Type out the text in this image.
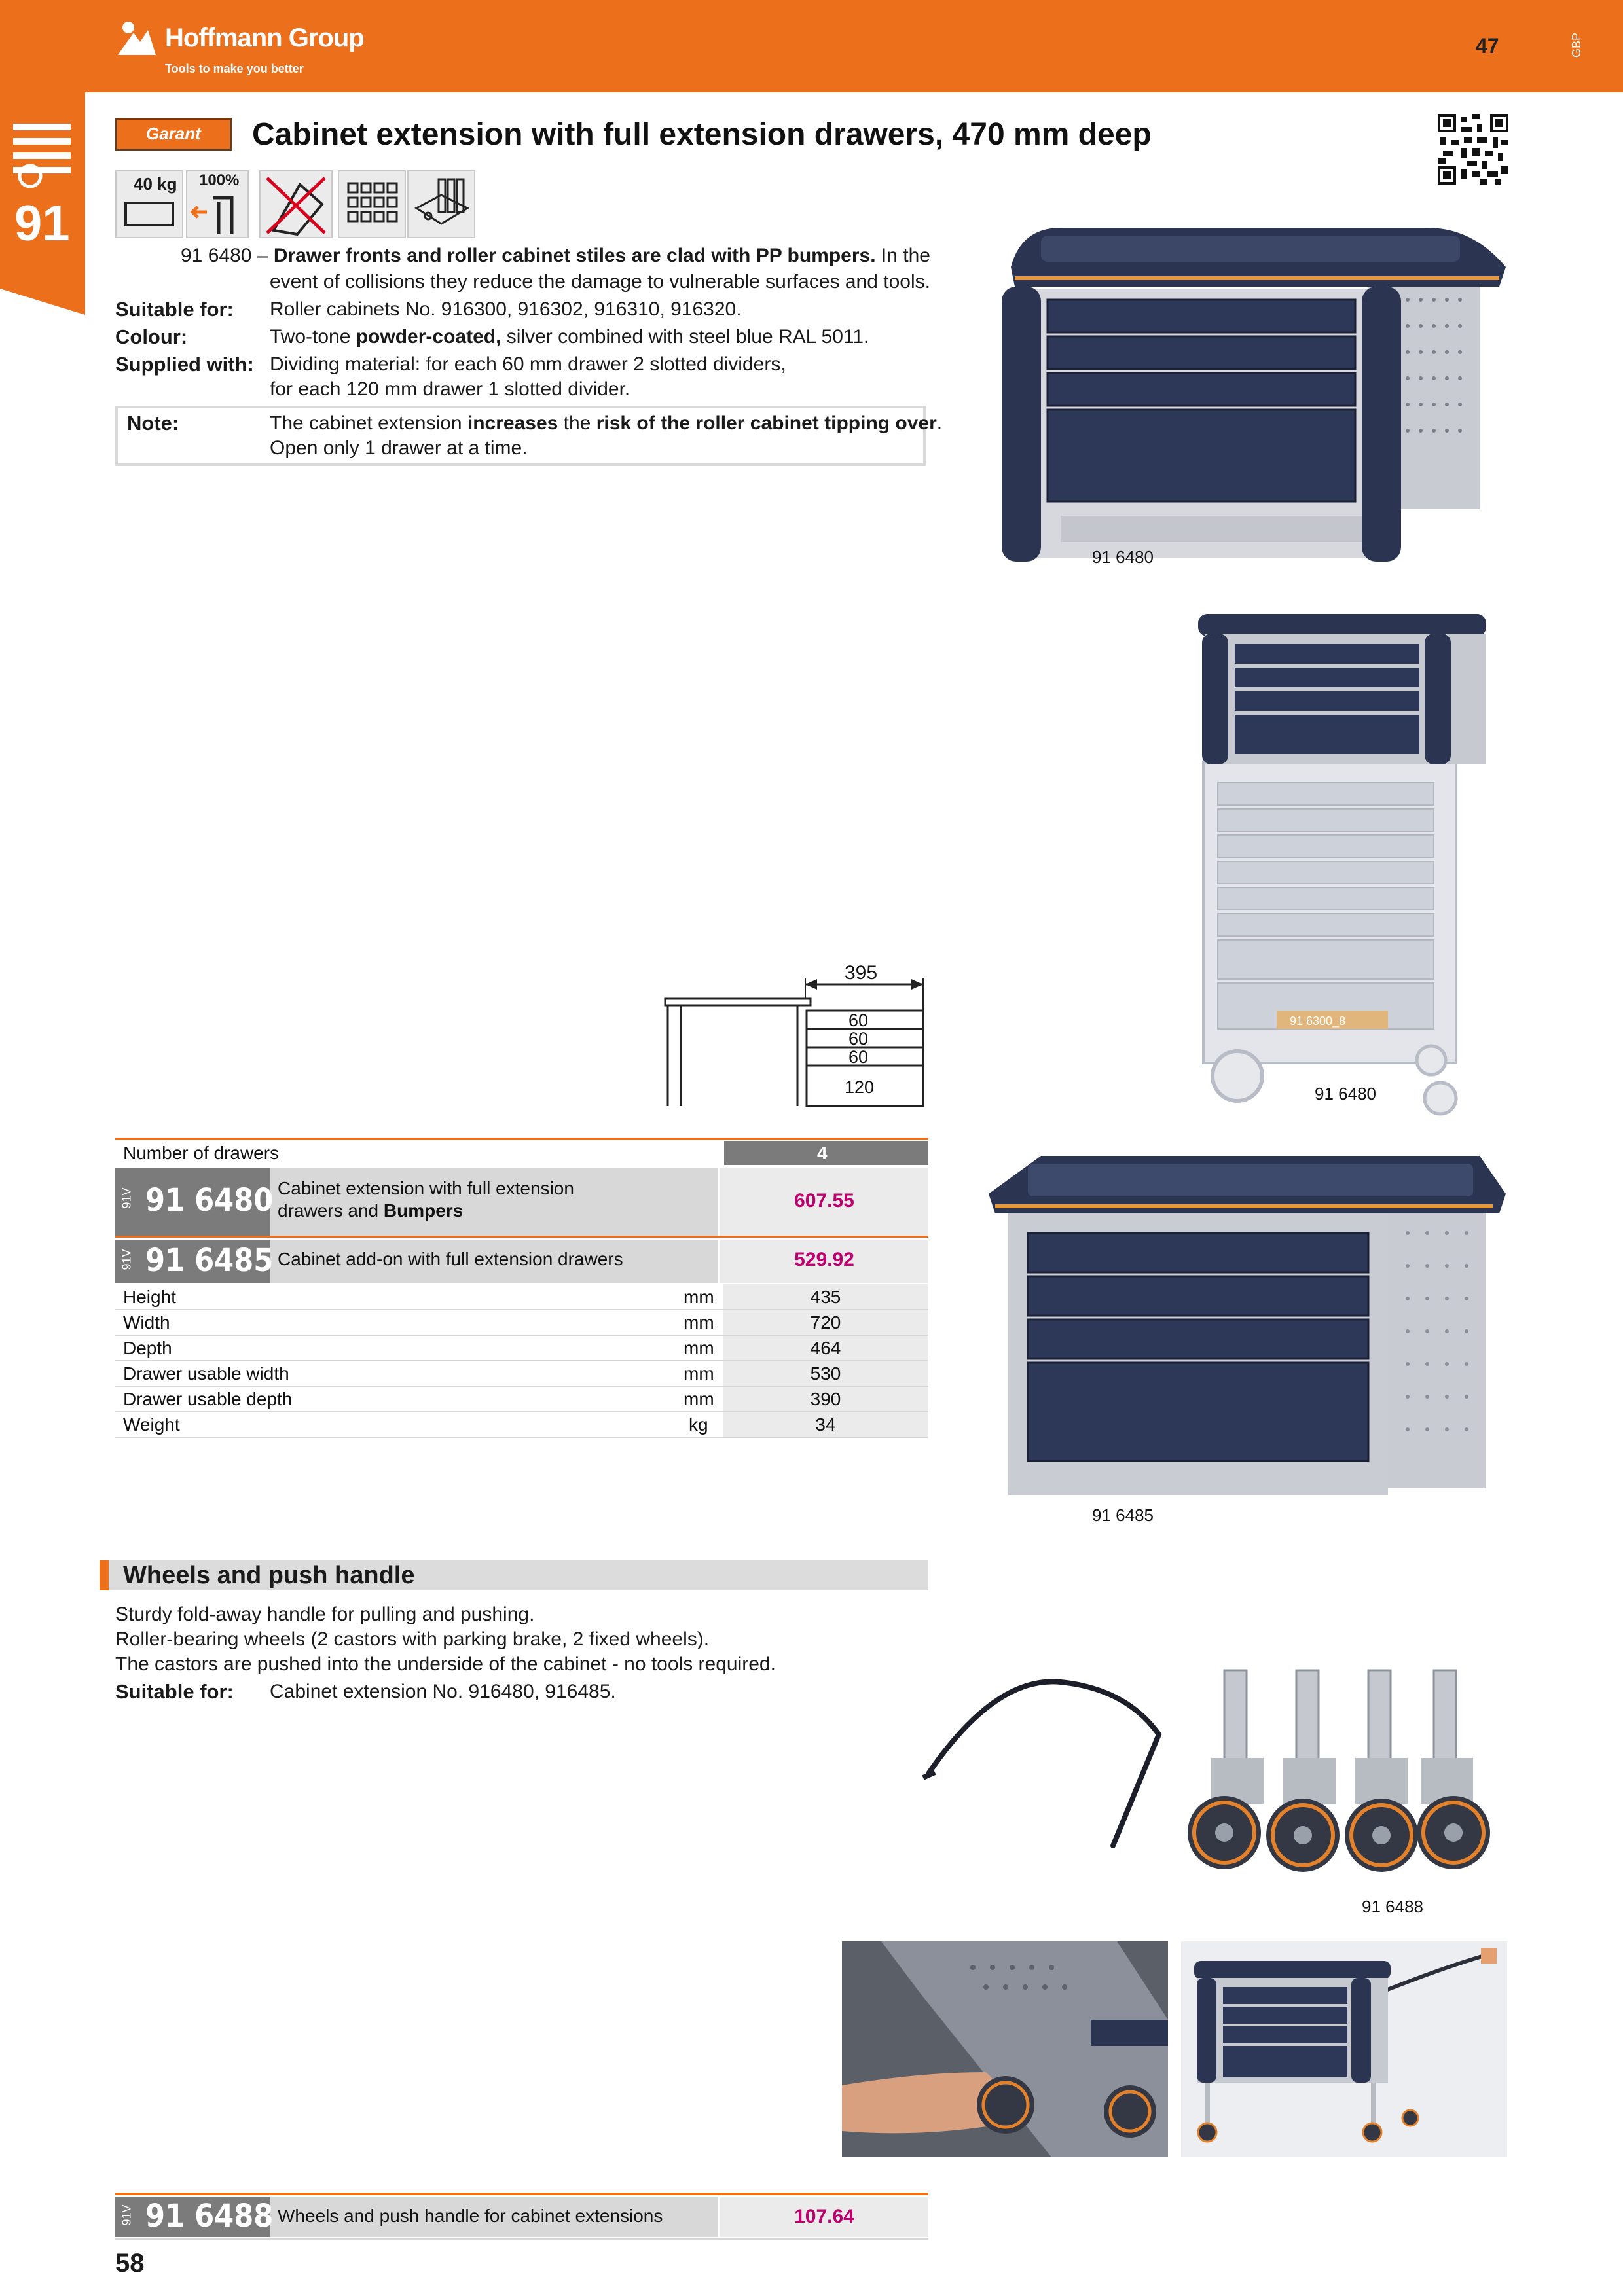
Hoffmann Group
Tools to make you better
47	GBP
91
Garant Cabinet extension with full extension drawers, 470 mm deep
40 kg 100%
91 6480 – Drawer fronts and roller cabinet stiles are clad with PP bumpers. In the
event of collisions they reduce the damage to vulnerable surfaces and tools.
Suitable for: Roller cabinets No. 916300, 916302, 916310, 916320.
Colour:	Two-tone powder-coated, silver combined with steel blue RAL 5011.
Supplied with: Dividing material: for each 60 mm drawer 2 slotted dividers,
for each 120 mm drawer 1 slotted divider.
Note:	The cabinet extension increases the risk of the roller cabinet tipping over.
Open only 1 drawer at a time.
91 6480
91 6300_8
91 6480
395
60
60
60
120
Number of drawers	4
91V 91 6480 Cabinet extension with full extension
drawers and Bumpers	607.55
91V 91 6485 Cabinet add-on with full extension drawers	529.92
Height	mm	435
Width	mm	720
Depth	mm	464
Drawer usable width	mm	530
Drawer usable depth	mm	390
Weight	kg	34
91 6485
Wheels and push handle
Sturdy fold-away handle for pulling and pushing.
Roller-bearing wheels (2 castors with parking brake, 2 fixed wheels).
The castors are pushed into the underside of the cabinet - no tools required.
Suitable for: Cabinet extension No. 916480, 916485.
91 6488
91V 91 6488 Wheels and push handle for cabinet extensions	107.64
58
